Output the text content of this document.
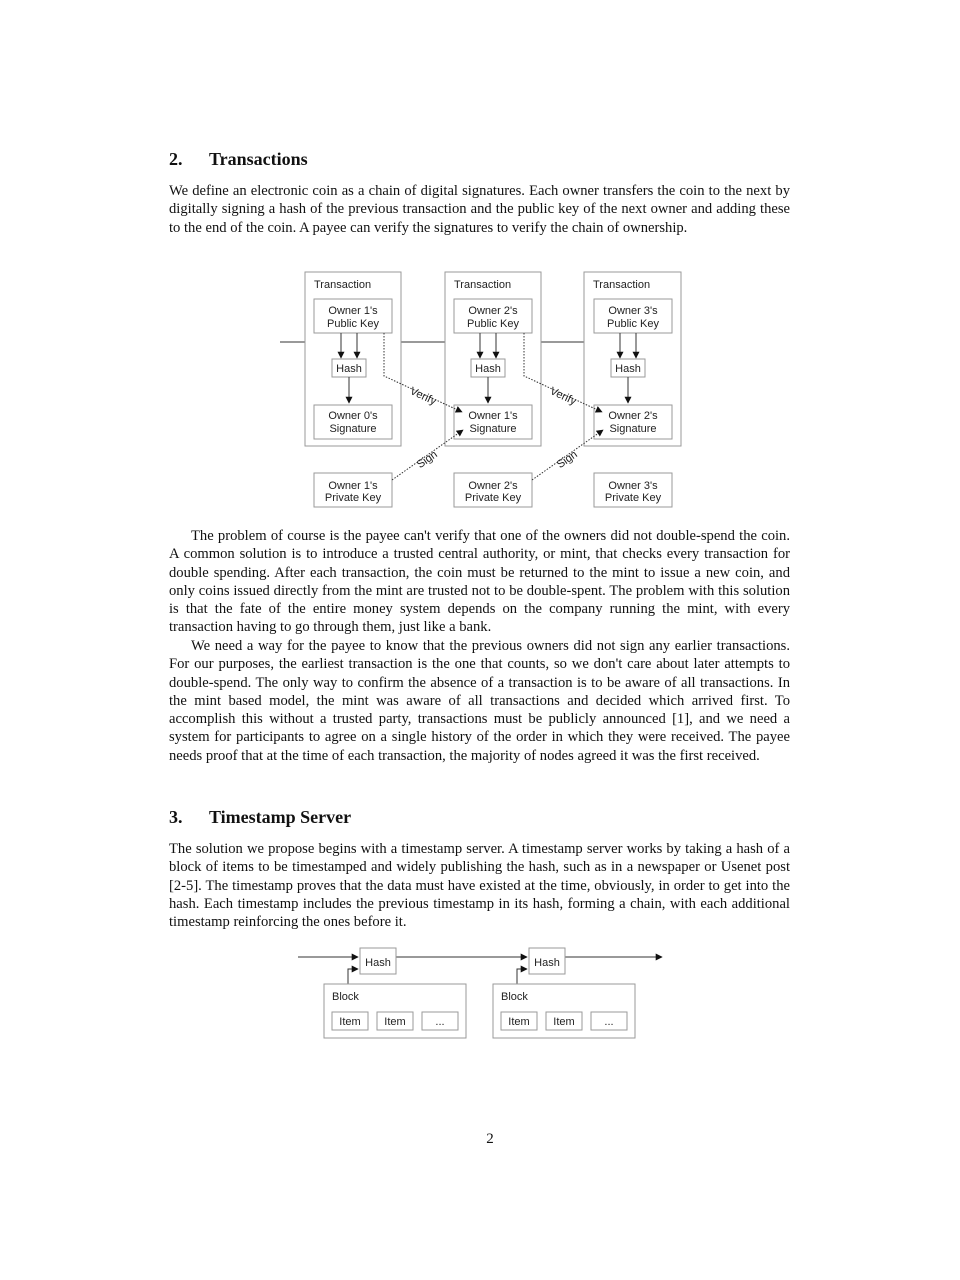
2. Transactions

We define an electronic coin as a chain of digital signatures. Each owner transfers the coin to the next by digitally signing a hash of the previous transaction and the public key of the next owner and adding these to the end of the coin. A payee can verify the signatures to verify the chain of ownership.

Transaction
Owner 1's
Public Key
Hash
Owner 0's
Signature
Owner 1's
Private Key
Transaction
Owner 2's
Public Key
Hash
Owner 1's
Signature
Owner 2's
Private Key
Transaction
Owner 3's
Public Key
Hash
Owner 2's
Signature
Owner 3's
Private Key
Verify	Verify
Sign	Sign

The problem of course is the payee can't verify that one of the owners did not double-spend the coin. A common solution is to introduce a trusted central authority, or mint, that checks every transaction for double spending. After each transaction, the coin must be returned to the mint to issue a new coin, and only coins issued directly from the mint are trusted not to be double-spent. The problem with this solution is that the fate of the entire money system depends on the company running the mint, with every transaction having to go through them, just like a bank.

We need a way for the payee to know that the previous owners did not sign any earlier transactions. For our purposes, the earliest transaction is the one that counts, so we don't care about later attempts to double-spend. The only way to confirm the absence of a transaction is to be aware of all transactions. In the mint based model, the mint was aware of all transactions and decided which arrived first. To accomplish this without a trusted party, transactions must be publicly announced [1], and we need a system for participants to agree on a single history of the order in which they were received. The payee needs proof that at the time of each transaction, the majority of nodes agreed it was the first received.

3. Timestamp Server

The solution we propose begins with a timestamp server. A timestamp server works by taking a hash of a block of items to be timestamped and widely publishing the hash, such as in a newspaper or Usenet post [2-5]. The timestamp proves that the data must have existed at the time, obviously, in order to get into the hash. Each timestamp includes the previous timestamp in its hash, forming a chain, with each additional timestamp reinforcing the ones before it.

Hash
Block
Item Item	...
Hash
Block
Item Item	...
2
